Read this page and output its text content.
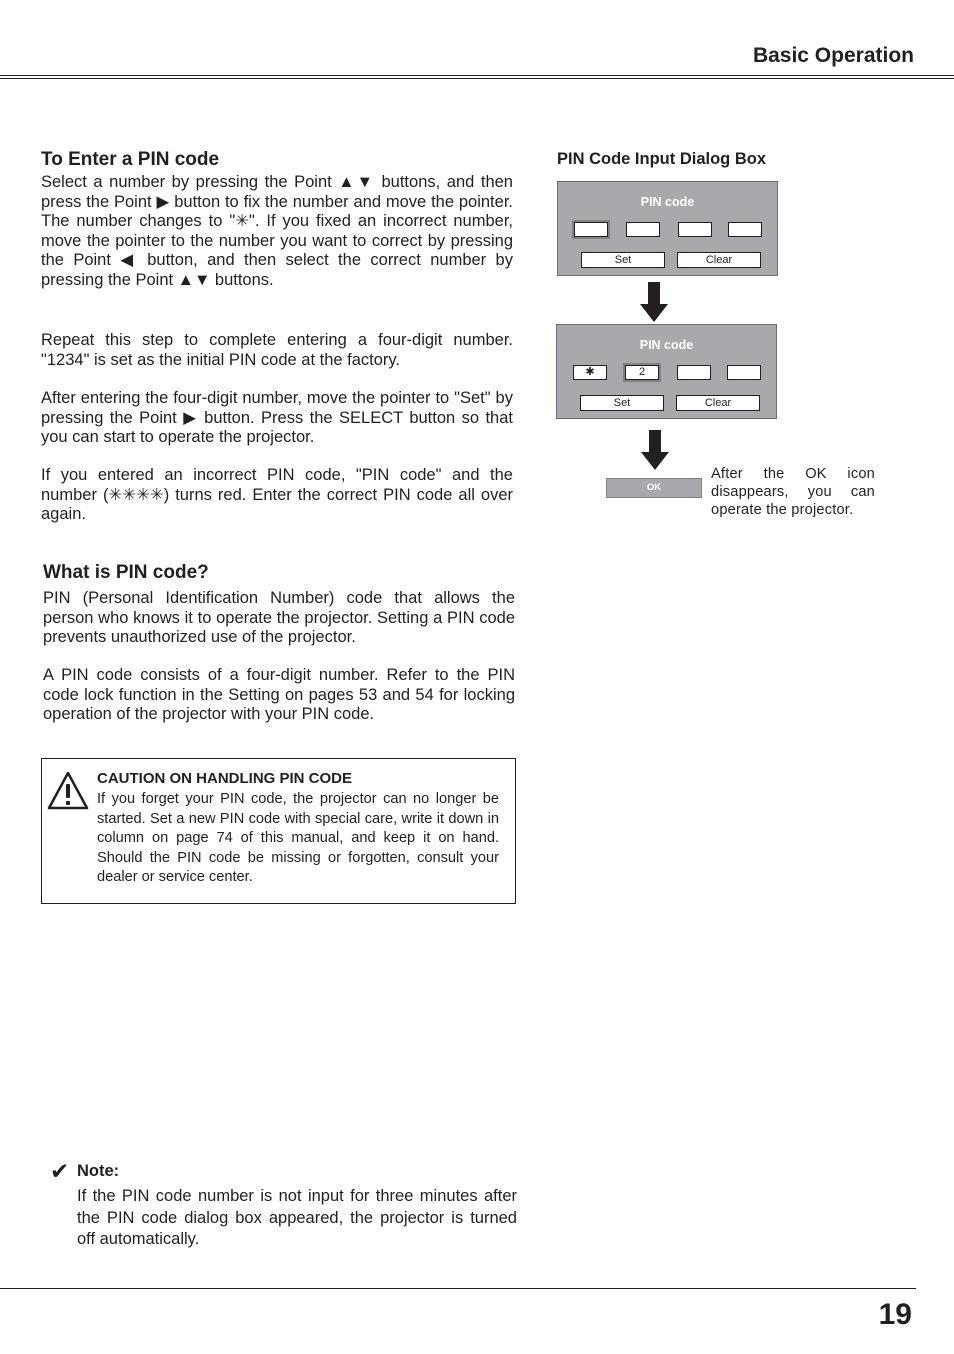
Basic Operation
To Enter a PIN code

Select a number by pressing the Point ▲▼ buttons, and then press the Point ▶ button to fix the number and move the pointer. The number changes to "✳". If you fixed an incorrect number, move the pointer to the number you want to correct by pressing the Point ◀ button, and then select the correct number by pressing the Point ▲▼ buttons.

Repeat this step to complete entering a four-digit number. "1234" is set as the initial PIN code at the factory.

After entering the four-digit number, move the pointer to "Set" by pressing the Point ▶ button. Press the SELECT button so that you can start to operate the projector.

If you entered an incorrect PIN code, "PIN code" and the number (✳✳✳✳) turns red. Enter the correct PIN code all over again.

What is PIN code?

PIN (Personal Identification Number) code that allows the person who knows it to operate the projector. Setting a PIN code prevents unauthorized use of the projector.

A PIN code consists of a four-digit number. Refer to the PIN code lock function in the Setting on pages 53 and 54 for locking operation of the projector with your PIN code.

CAUTION ON HANDLING PIN CODE

If you forget your PIN code, the projector can no longer be started. Set a new PIN code with special care, write it down in column on page 74 of this manual, and keep it on hand. Should the PIN code be missing or forgotten, consult your dealer or service center.

✔ Note:

If the PIN code number is not input for three minutes after the PIN code dialog box appeared, the projector is turned off automatically.

PIN Code Input Dialog Box
PIN code
Set	Clear
PIN code
✱	2
Set	Clear
OK

After the OK icon disappears, you can operate the projector.

19
